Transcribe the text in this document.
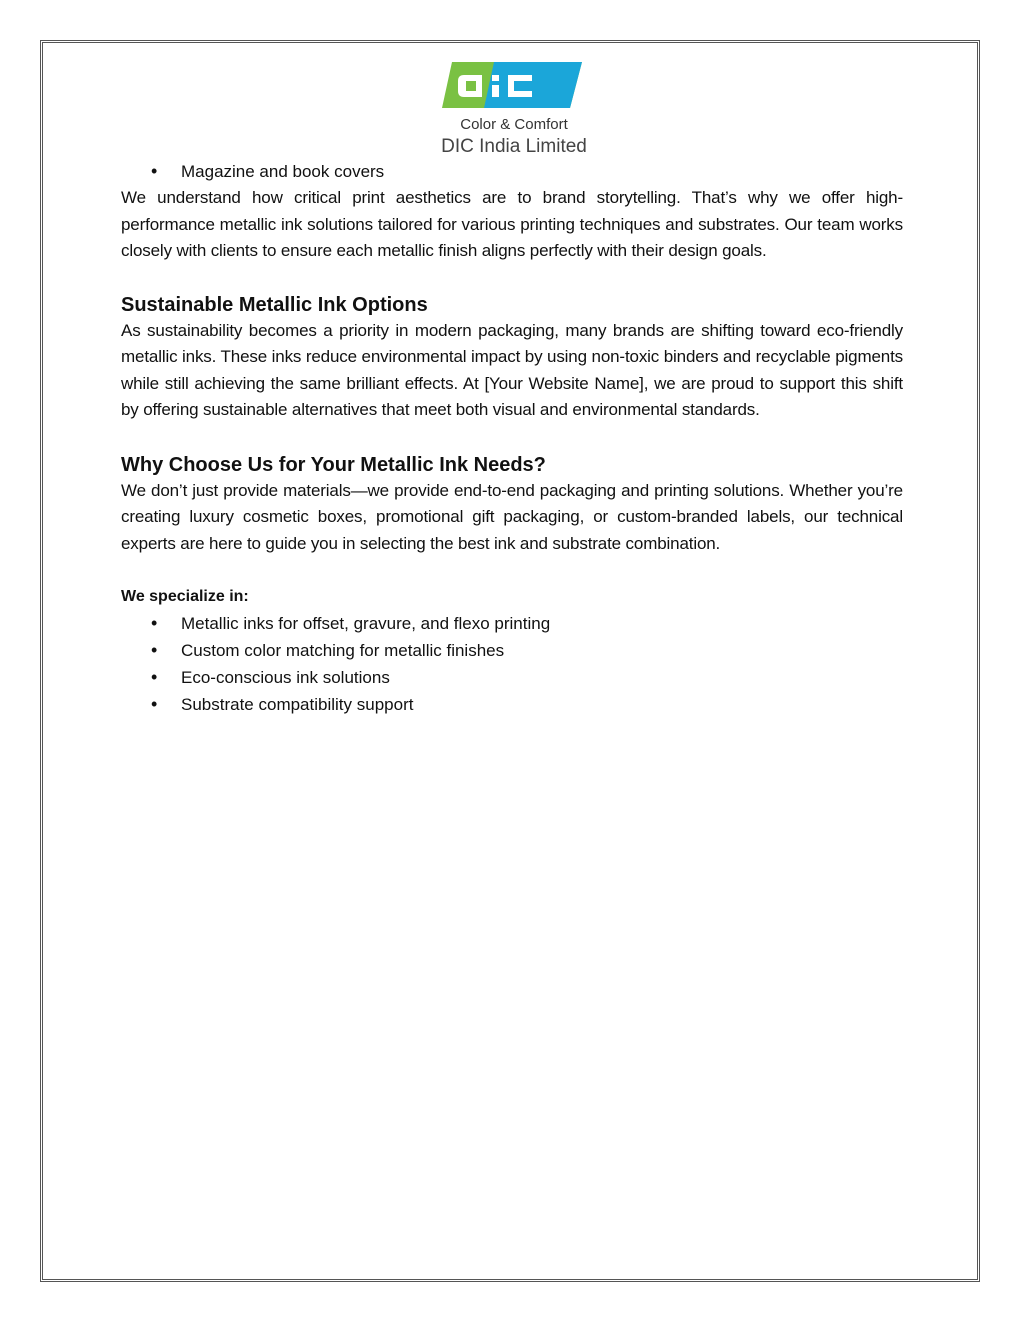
Color & Comfort
DIC India Limited
• Magazine and book covers

We understand how critical print aesthetics are to brand storytelling. That’s why we offer high-performance metallic ink solutions tailored for various printing techniques and substrates. Our team works closely with clients to ensure each metallic finish aligns perfectly with their design goals.

Sustainable Metallic Ink Options

As sustainability becomes a priority in modern packaging, many brands are shifting toward eco-friendly metallic inks. These inks reduce environmental impact by using non-toxic binders and recyclable pigments while still achieving the same brilliant effects. At [Your Website Name], we are proud to support this shift by offering sustainable alternatives that meet both visual and environmental standards.

Why Choose Us for Your Metallic Ink Needs?

We don’t just provide materials—we provide end-to-end packaging and printing solutions. Whether you’re creating luxury cosmetic boxes, promotional gift packaging, or custom-branded labels, our technical experts are here to guide you in selecting the best ink and substrate combination.

We specialize in:

• Metallic inks for offset, gravure, and flexo printing
• Custom color matching for metallic finishes
• Eco-conscious ink solutions
• Substrate compatibility support
